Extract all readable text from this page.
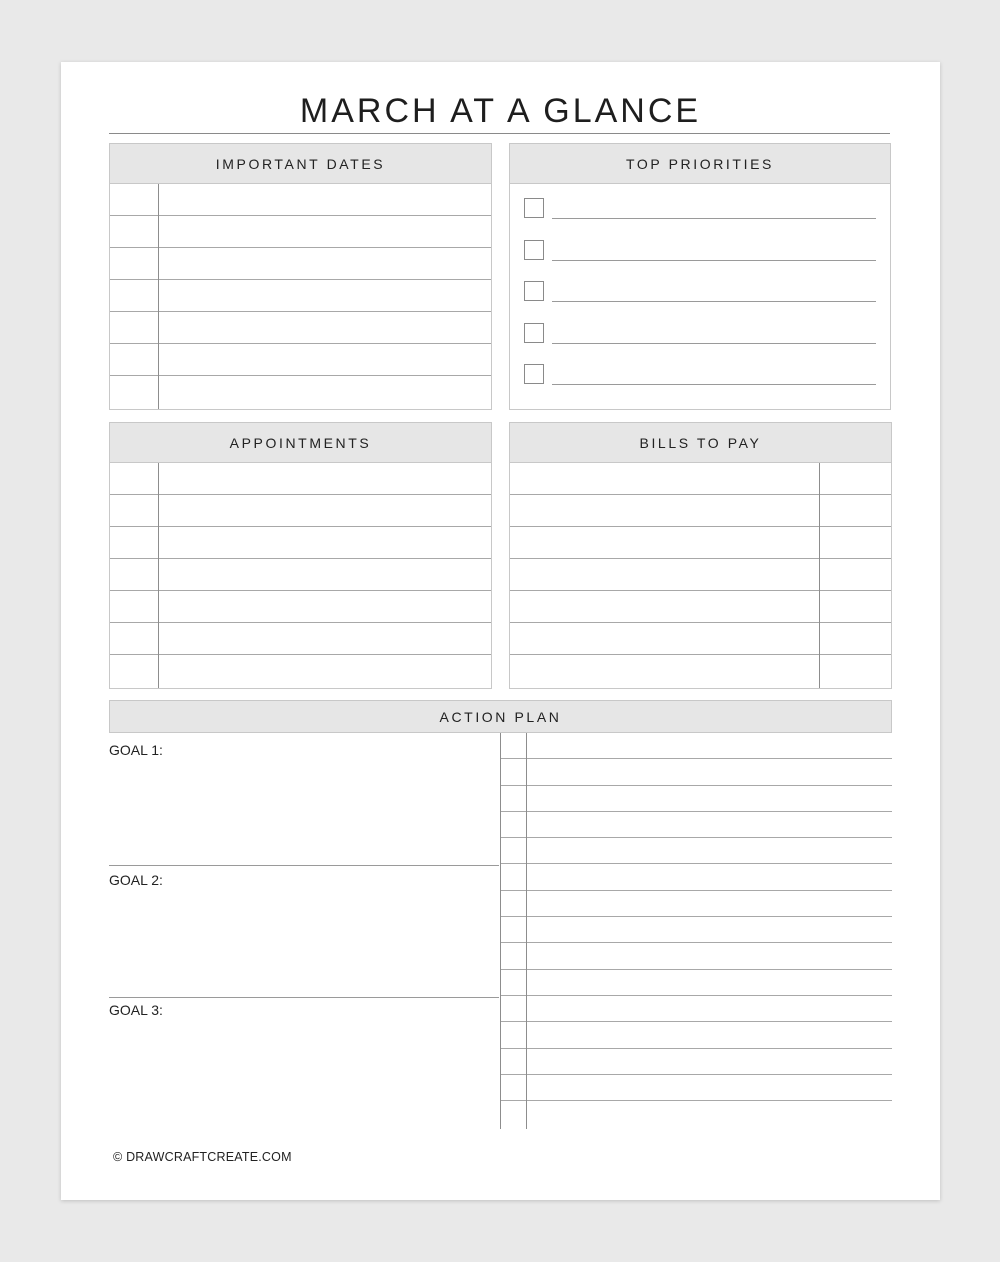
MARCH AT A GLANCE
IMPORTANT DATES	TOP PRIORITIES
APPOINTMENTS	BILLS TO PAY
ACTION PLAN
GOAL 1:
GOAL 2:
GOAL 3:
© DRAWCRAFTCREATE.COM
